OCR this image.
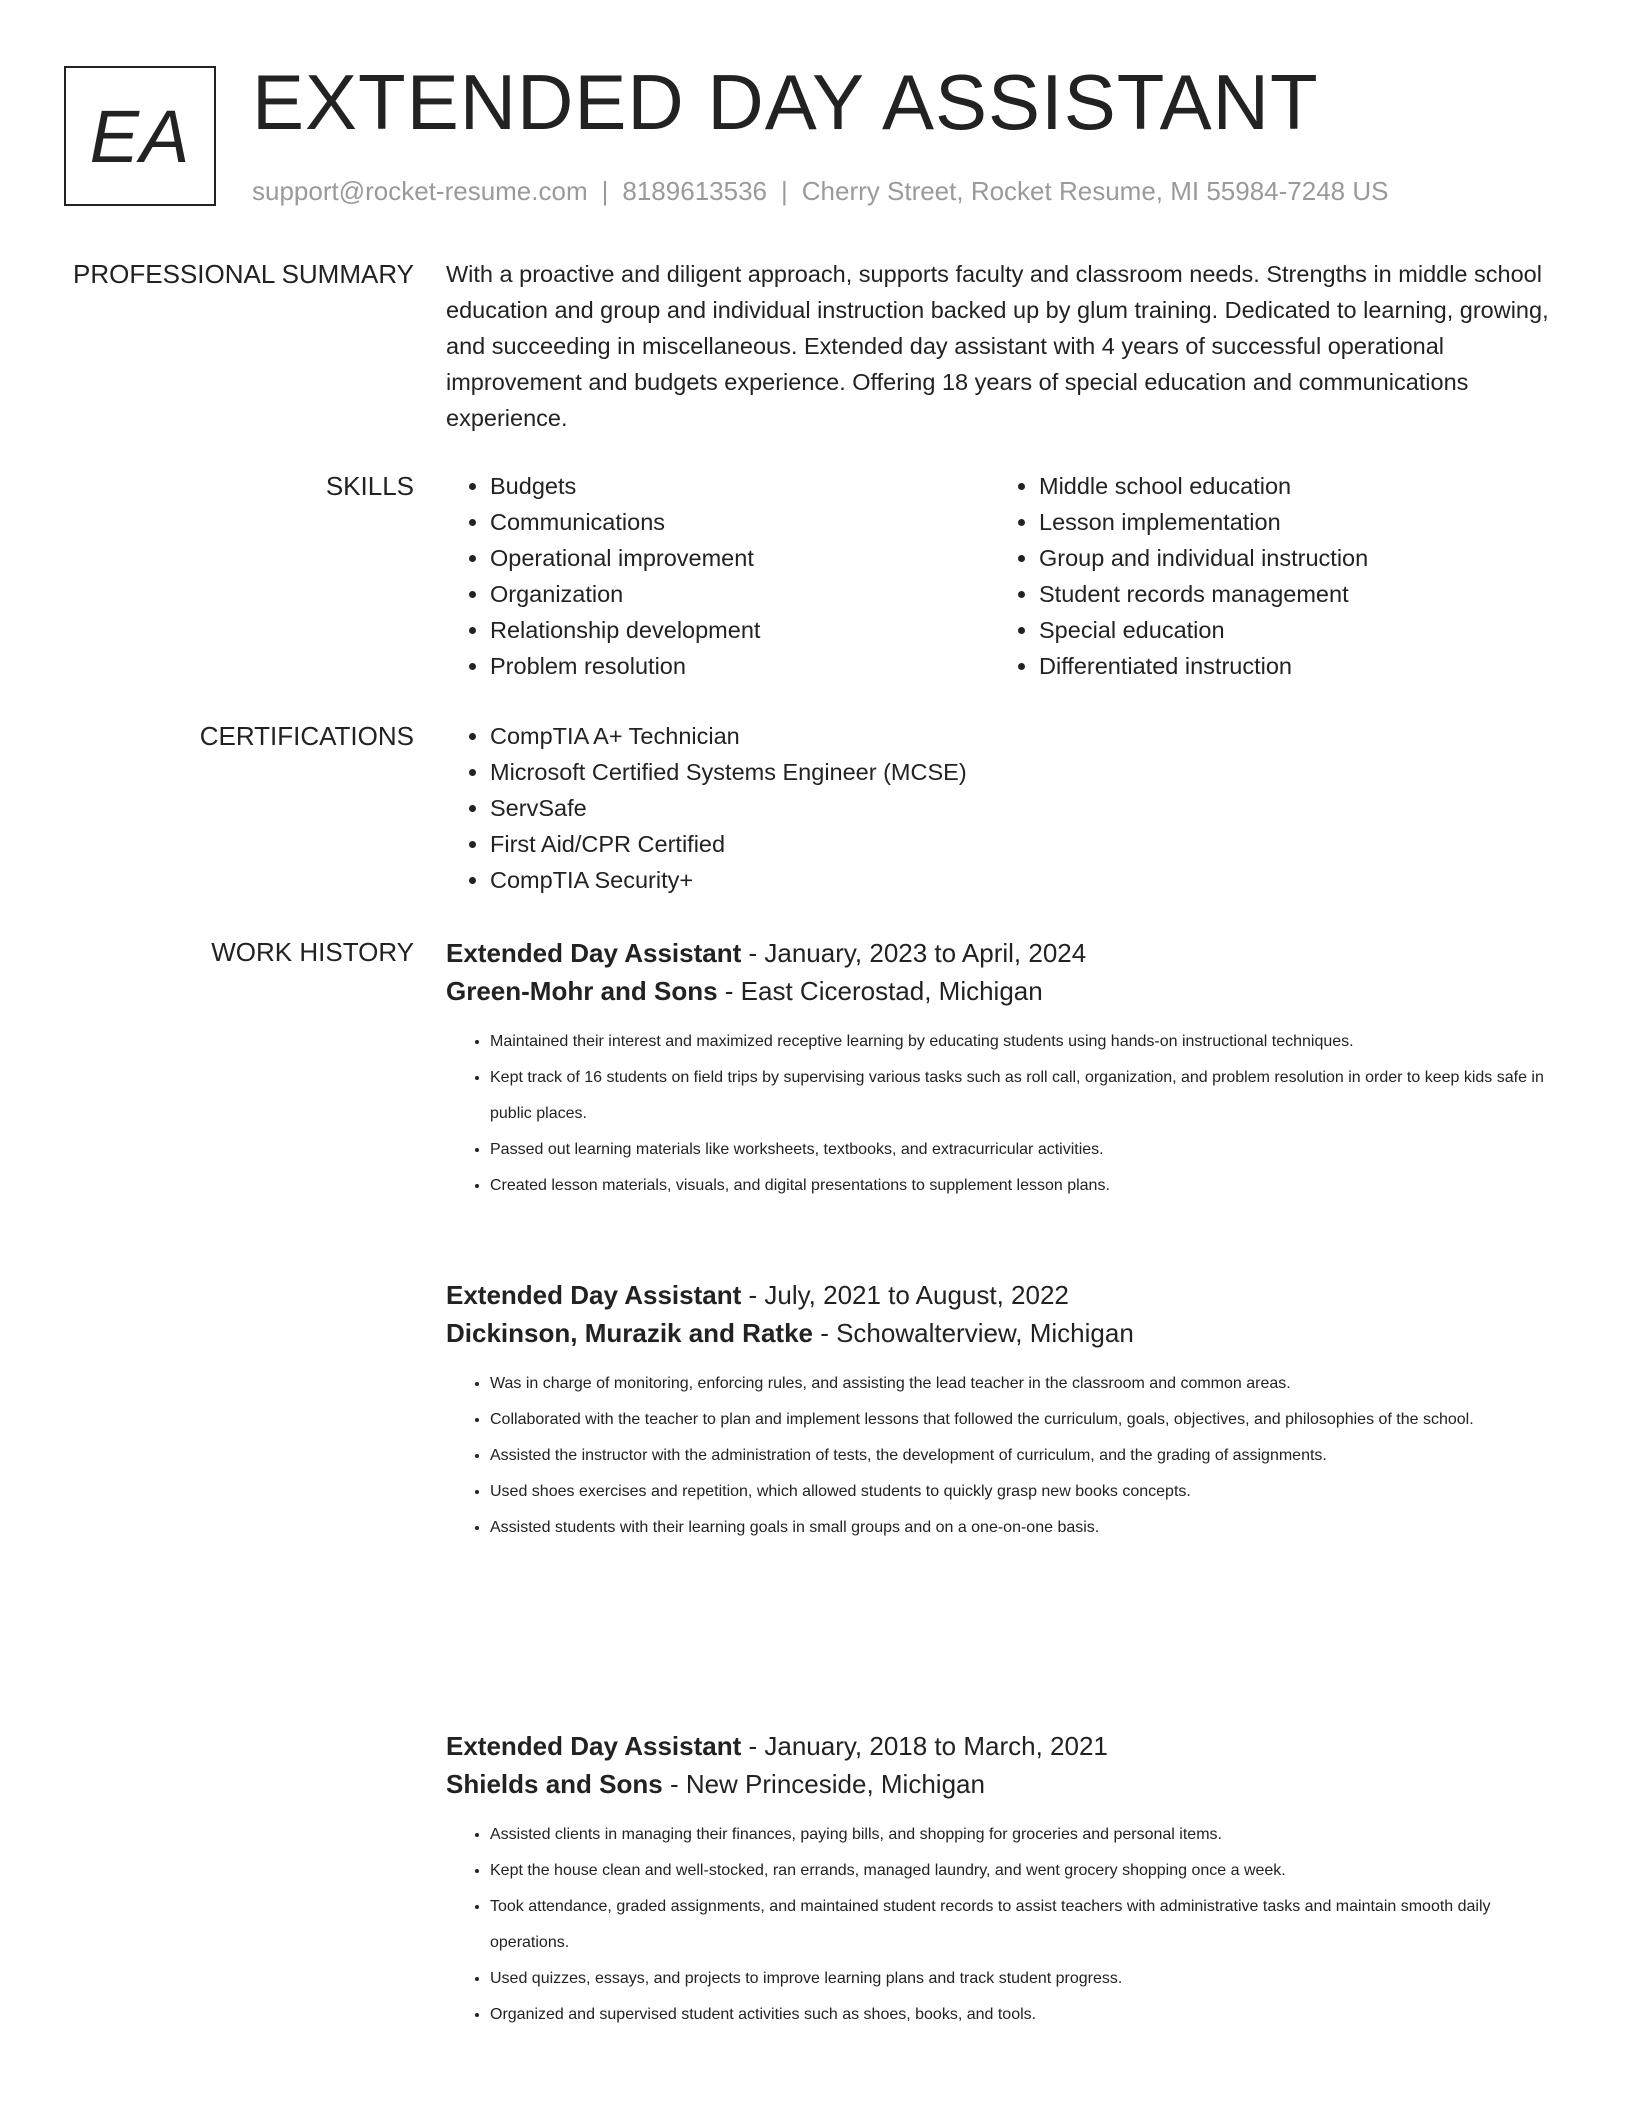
EA EXTENDED DAY ASSISTANT
support@rocket-resume.com | 8189613536 | Cherry Street, Rocket Resume, MI 55984-7248 US
PROFESSIONAL SUMMARY With a proactive and diligent approach, supports faculty and classroom needs. Strengths in middle school education and group and individual instruction backed up by glum training. Dedicated to learning, growing, and succeeding in miscellaneous. Extended day assistant with 4 years of successful operational improvement and budgets experience. Offering 18 years of special education and communications experience.

SKILLS	• Budgets
• Communications
• Operational improvement
• Organization
• Relationship development
• Problem resolution
• Middle school education
• Lesson implementation
• Group and individual instruction
• Student records management
• Special education
• Differentiated instruction
CERTIFICATIONS	• CompTIA A+ Technician
• Microsoft Certified Systems Engineer (MCSE)
• ServSafe
• First Aid/CPR Certified
• CompTIA Security+
WORK HISTORY Extended Day Assistant - January, 2023 to April, 2024
Green-Mohr and Sons - East Cicerostad, Michigan
• Maintained their interest and maximized receptive learning by educating students using hands-on instructional techniques.
• Kept track of 16 students on field trips by supervising various tasks such as roll call, organization, and problem resolution in order to keep kids safe in public places.
• Passed out learning materials like worksheets, textbooks, and extracurricular activities.
• Created lesson materials, visuals, and digital presentations to supplement lesson plans.
Extended Day Assistant - July, 2021 to August, 2022
Dickinson, Murazik and Ratke - Schowalterview, Michigan
• Was in charge of monitoring, enforcing rules, and assisting the lead teacher in the classroom and common areas.
• Collaborated with the teacher to plan and implement lessons that followed the curriculum, goals, objectives, and philosophies of the school.
• Assisted the instructor with the administration of tests, the development of curriculum, and the grading of assignments.
• Used shoes exercises and repetition, which allowed students to quickly grasp new books concepts.
• Assisted students with their learning goals in small groups and on a one-on-one basis.
Extended Day Assistant - January, 2018 to March, 2021
Shields and Sons - New Princeside, Michigan
• Assisted clients in managing their finances, paying bills, and shopping for groceries and personal items.
• Kept the house clean and well-stocked, ran errands, managed laundry, and went grocery shopping once a week.
• Took attendance, graded assignments, and maintained student records to assist teachers with administrative tasks and maintain smooth daily operations.
• Used quizzes, essays, and projects to improve learning plans and track student progress.
• Organized and supervised student activities such as shoes, books, and tools.
